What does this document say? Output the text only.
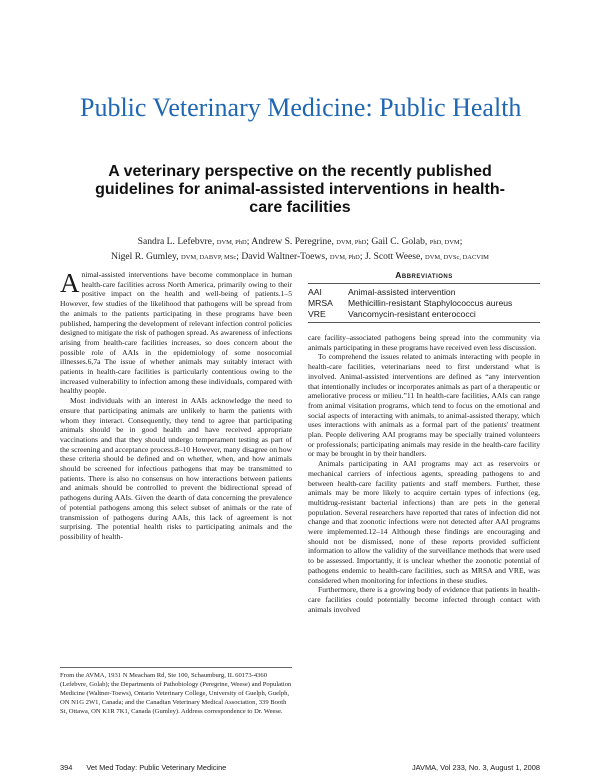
Public Veterinary Medicine: Public Health
A veterinary perspective on the recently published guidelines for animal-assisted interventions in health-care facilities
Sandra L. Lefebvre, DVM, PhD; Andrew S. Peregrine, DVM, PhD; Gail C. Golab, PhD, DVM;
Nigel R. Gumley, DVM, DABVP, MSc; David Waltner-Toews, DVM, PhD; J. Scott Weese, DVM, DVSc, DACVIM

Animal-assisted interventions have become commonplace in human health-care facilities across North America, primarily owing to their positive impact on the health and well-being of patients.1–5 However, few studies of the likelihood that pathogens will be spread from the animals to the patients participating in these programs have been published, hampering the development of relevant infection control policies designed to mitigate the risk of pathogen spread. As awareness of infections arising from health-care facilities increases, so does concern about the possible role of AAIs in the epidemiology of some nosocomial illnesses.6,7a The issue of whether animals may suitably interact with patients in health-care facilities is particularly contentious owing to the increased vulnerability to infection among these individuals, compared with healthy people.

Most individuals with an interest in AAIs acknowledge the need to ensure that participating animals are unlikely to harm the patients with whom they interact. Consequently, they tend to agree that participating animals should be in good health and have received appropriate vaccinations and that they should undergo temperament testing as part of the screening and acceptance process.8–10 However, many disagree on how these criteria should be defined and on whether, when, and how animals should be screened for infectious pathogens that may be transmitted to patients. There is also no consensus on how interactions between patients and animals should be controlled to prevent the bidirectional spread of pathogens during AAIs. Given the dearth of data concerning the prevalence of potential pathogens among this select subset of animals or the rate of transmission of pathogens during AAIs, this lack of agreement is not surprising. The potential health risks to participating animals and the possibility of health-

From the AVMA, 1931 N Meacham Rd, Ste 100, Schaumburg, IL 60173-4360 (Lefebvre, Golab); the Departments of Pathobiology (Peregrine, Weese) and Population Medicine (Waltner-Toews), Ontario Veterinary College, University of Guelph, Guelph, ON N1G 2W1, Canada; and the Canadian Veterinary Medical Association, 339 Booth St, Ottawa, ON K1R 7K1, Canada (Gumley). Address correspondence to Dr. Weese.
Abbreviations
AAI	Animal-assisted intervention
MRSA	Methicillin-resistant Staphylococcus aureus
VRE	Vancomycin-resistant enterococci

care facility–associated pathogens being spread into the community via animals participating in these programs have received even less discussion.

To comprehend the issues related to animals interacting with people in health-care facilities, veterinarians need to first understand what is involved. Animal-assisted interventions are defined as “any intervention that intentionally includes or incorporates animals as part of a therapeutic or ameliorative process or milieu.”11 In health-care facilities, AAIs can range from animal visitation programs, which tend to focus on the emotional and social aspects of interacting with animals, to animal-assisted therapy, which uses interactions with animals as a formal part of the patients' treatment plan. People delivering AAI programs may be specially trained volunteers or professionals; participating animals may reside in the health-care facility or may be brought in by their handlers.

Animals participating in AAI programs may act as reservoirs or mechanical carriers of infectious agents, spreading pathogens to and between health-care facility patients and staff members. Further, these animals may be more likely to acquire certain types of infections (eg, multidrug-resistant bacterial infections) than are pets in the general population. Several researchers have reported that rates of infection did not change and that zoonotic infections were not detected after AAI programs were implemented.12–14 Although these findings are encouraging and should not be dismissed, none of these reports provided sufficient information to allow the validity of the surveillance methods that were used to be assessed. Importantly, it is unclear whether the zoonotic potential of pathogens endemic to health-care facilities, such as MRSA and VRE, was considered when monitoring for infections in these studies.

Furthermore, there is a growing body of evidence that patients in health-care facilities could potentially become infected through contact with animals involved

394 Vet Med Today: Public Veterinary Medicine	JAVMA, Vol 233, No. 3, August 1, 2008
